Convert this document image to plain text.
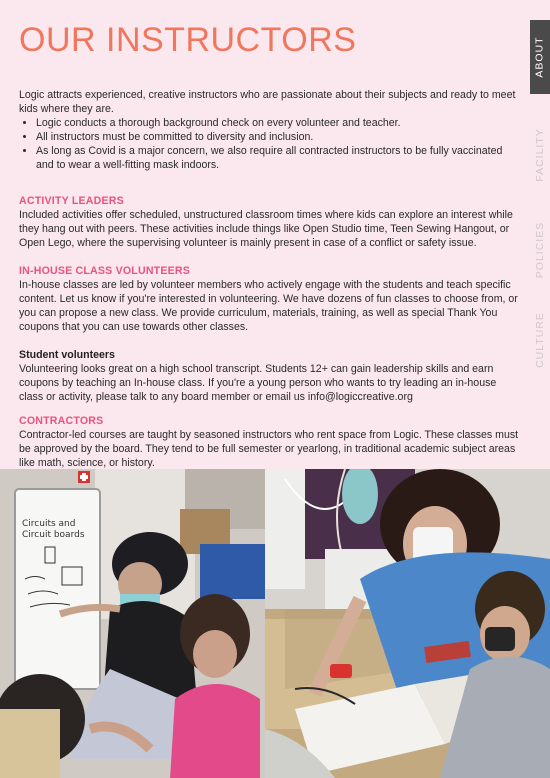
OUR INSTRUCTORS

Logic attracts experienced, creative instructors who are passionate about their subjects and ready to meet kids where they are.

• Logic conducts a thorough background check on every volunteer and teacher.
• All instructors must be committed to diversity and inclusion.
• As long as Covid is a major concern, we also require all contracted instructors to be fully vaccinated and to wear a well-fitting mask indoors.
ACTIVITY LEADERS

Included activities offer scheduled, unstructured classroom times where kids can explore an interest while they hang out with peers. These activities include things like Open Studio time, Teen Sewing Hangout, or Open Lego, where the supervising volunteer is mainly present in case of a conflict or safety issue.

IN-HOUSE CLASS VOLUNTEERS

In-house classes are led by volunteer members who actively engage with the students and teach specific content. Let us know if you're interested in volunteering. We have dozens of fun classes to choose from, or you can propose a new class. We provide curriculum, materials, training, as well as special Thank You coupons that you can use towards other classes.

Student volunteers

Volunteering looks great on a high school transcript. Students 12+ can gain leadership skills and earn coupons by teaching an In-house class. If you're a young person who wants to try leading an in-house class or activity, please talk to any board member or email us info@logiccreative.org

CONTRACTORS

Contractor-led courses are taught by seasoned instructors who rent space from Logic. These classes must be approved by the board. They tend to be full semester or yearlong, in traditional academic subject areas like math, science, or history.

ABOUT
FACILITY
POLICIES
CULTURE
Circuits and Circuit boards
